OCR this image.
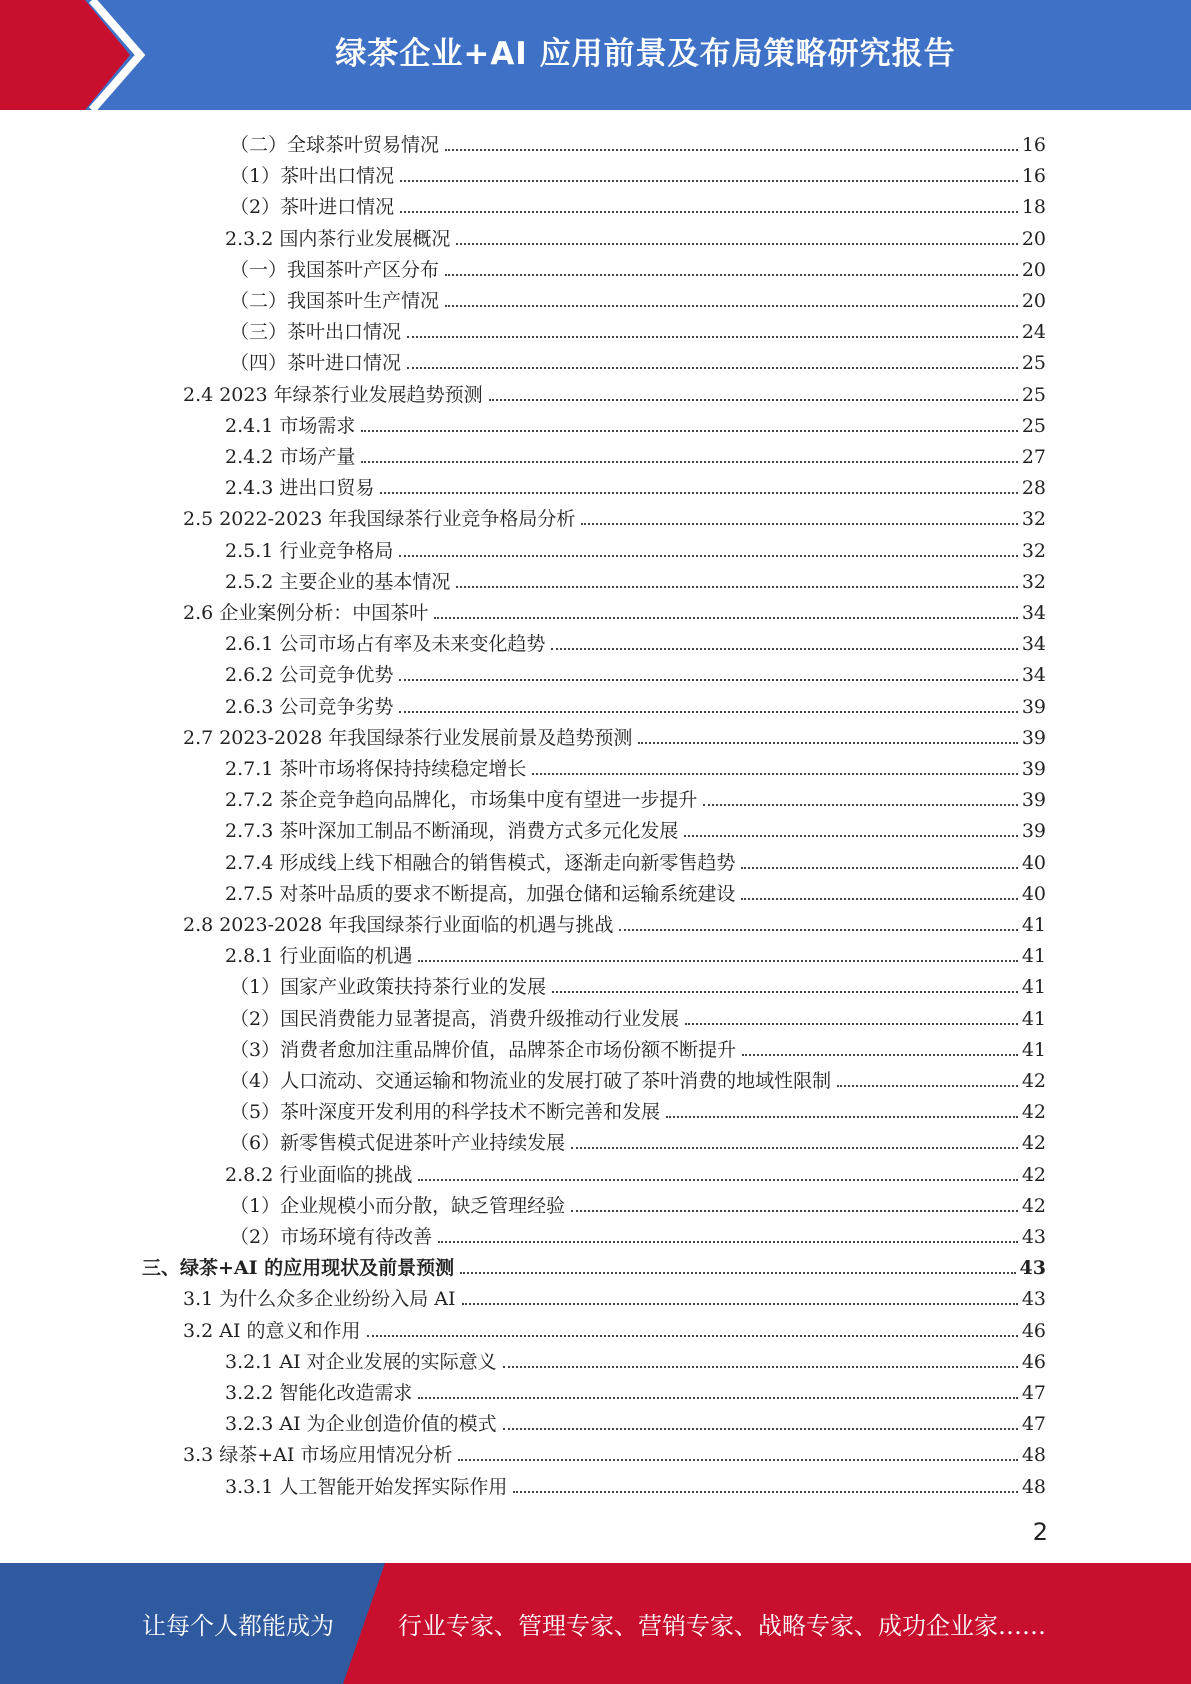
绿茶企业+AI 应用前景及布局策略研究报告
（二）全球茶叶贸易情况	16
（1）茶叶出口情况	16
（2）茶叶进口情况	18
2.3.2 国内茶行业发展概况	20
（一）我国茶叶产区分布	20
（二）我国茶叶生产情况	20
（三）茶叶出口情况	24
（四）茶叶进口情况	25
2.4 2023 年绿茶行业发展趋势预测	25
2.4.1 市场需求	25
2.4.2 市场产量	27
2.4.3 进出口贸易	28
2.5 2022-2023 年我国绿茶行业竞争格局分析	32
2.5.1 行业竞争格局	32
2.5.2 主要企业的基本情况	32
2.6 企业案例分析：中国茶叶	34
2.6.1 公司市场占有率及未来变化趋势	34
2.6.2 公司竞争优势	34
2.6.3 公司竞争劣势	39
2.7 2023-2028 年我国绿茶行业发展前景及趋势预测	39
2.7.1 茶叶市场将保持持续稳定增长	39
2.7.2 茶企竞争趋向品牌化，市场集中度有望进一步提升	39
2.7.3 茶叶深加工制品不断涌现，消费方式多元化发展	39
2.7.4 形成线上线下相融合的销售模式，逐渐走向新零售趋势	40
2.7.5 对茶叶品质的要求不断提高，加强仓储和运输系统建设	40
2.8 2023-2028 年我国绿茶行业面临的机遇与挑战	41
2.8.1 行业面临的机遇	41
（1）国家产业政策扶持茶行业的发展	41
（2）国民消费能力显著提高，消费升级推动行业发展	41
（3）消费者愈加注重品牌价值，品牌茶企市场份额不断提升	41
（4）人口流动、交通运输和物流业的发展打破了茶叶消费的地域性限制	42
（5）茶叶深度开发利用的科学技术不断完善和发展	42
（6）新零售模式促进茶叶产业持续发展	42
2.8.2 行业面临的挑战	42
（1）企业规模小而分散，缺乏管理经验	42
（2）市场环境有待改善	43
三、绿茶+AI 的应用现状及前景预测	43
3.1 为什么众多企业纷纷入局 AI	43
3.2 AI 的意义和作用	46
3.2.1 AI 对企业发展的实际意义	46
3.2.2 智能化改造需求	47
3.2.3 AI 为企业创造价值的模式	47
3.3 绿茶+AI 市场应用情况分析	48
3.3.1 人工智能开始发挥实际作用	48
2
让每个人都能成为	行业专家、管理专家、营销专家、战略专家、成功企业家……
